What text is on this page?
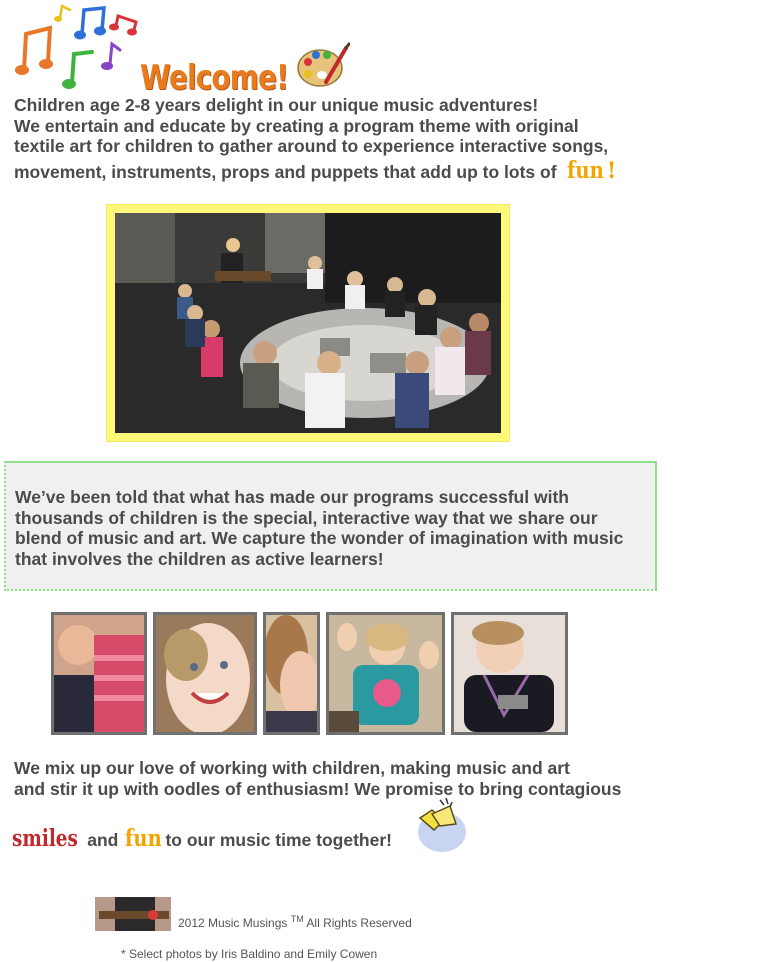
Welcome!
Children age 2-8 years delight in our unique music adventures!
We entertain and educate by creating a program theme with original
textile art for children to gather around to experience interactive songs,
movement, instruments, props and puppets that add up to lots of fun !
We’ve been told that what has made our programs successful with
thousands of children is the special, interactive way that we share our
blend of music and art. We capture the wonder of imagination with music
that involves the children as active learners!
We mix up our love of working with children, making music and art
and stir it up with oodles of enthusiasm! We promise to bring contagious
smiles and fun to our music time together!
2012 Music Musings ™ All Rights Reserved
* Select photos by Iris Baldino and Emily Cowen
